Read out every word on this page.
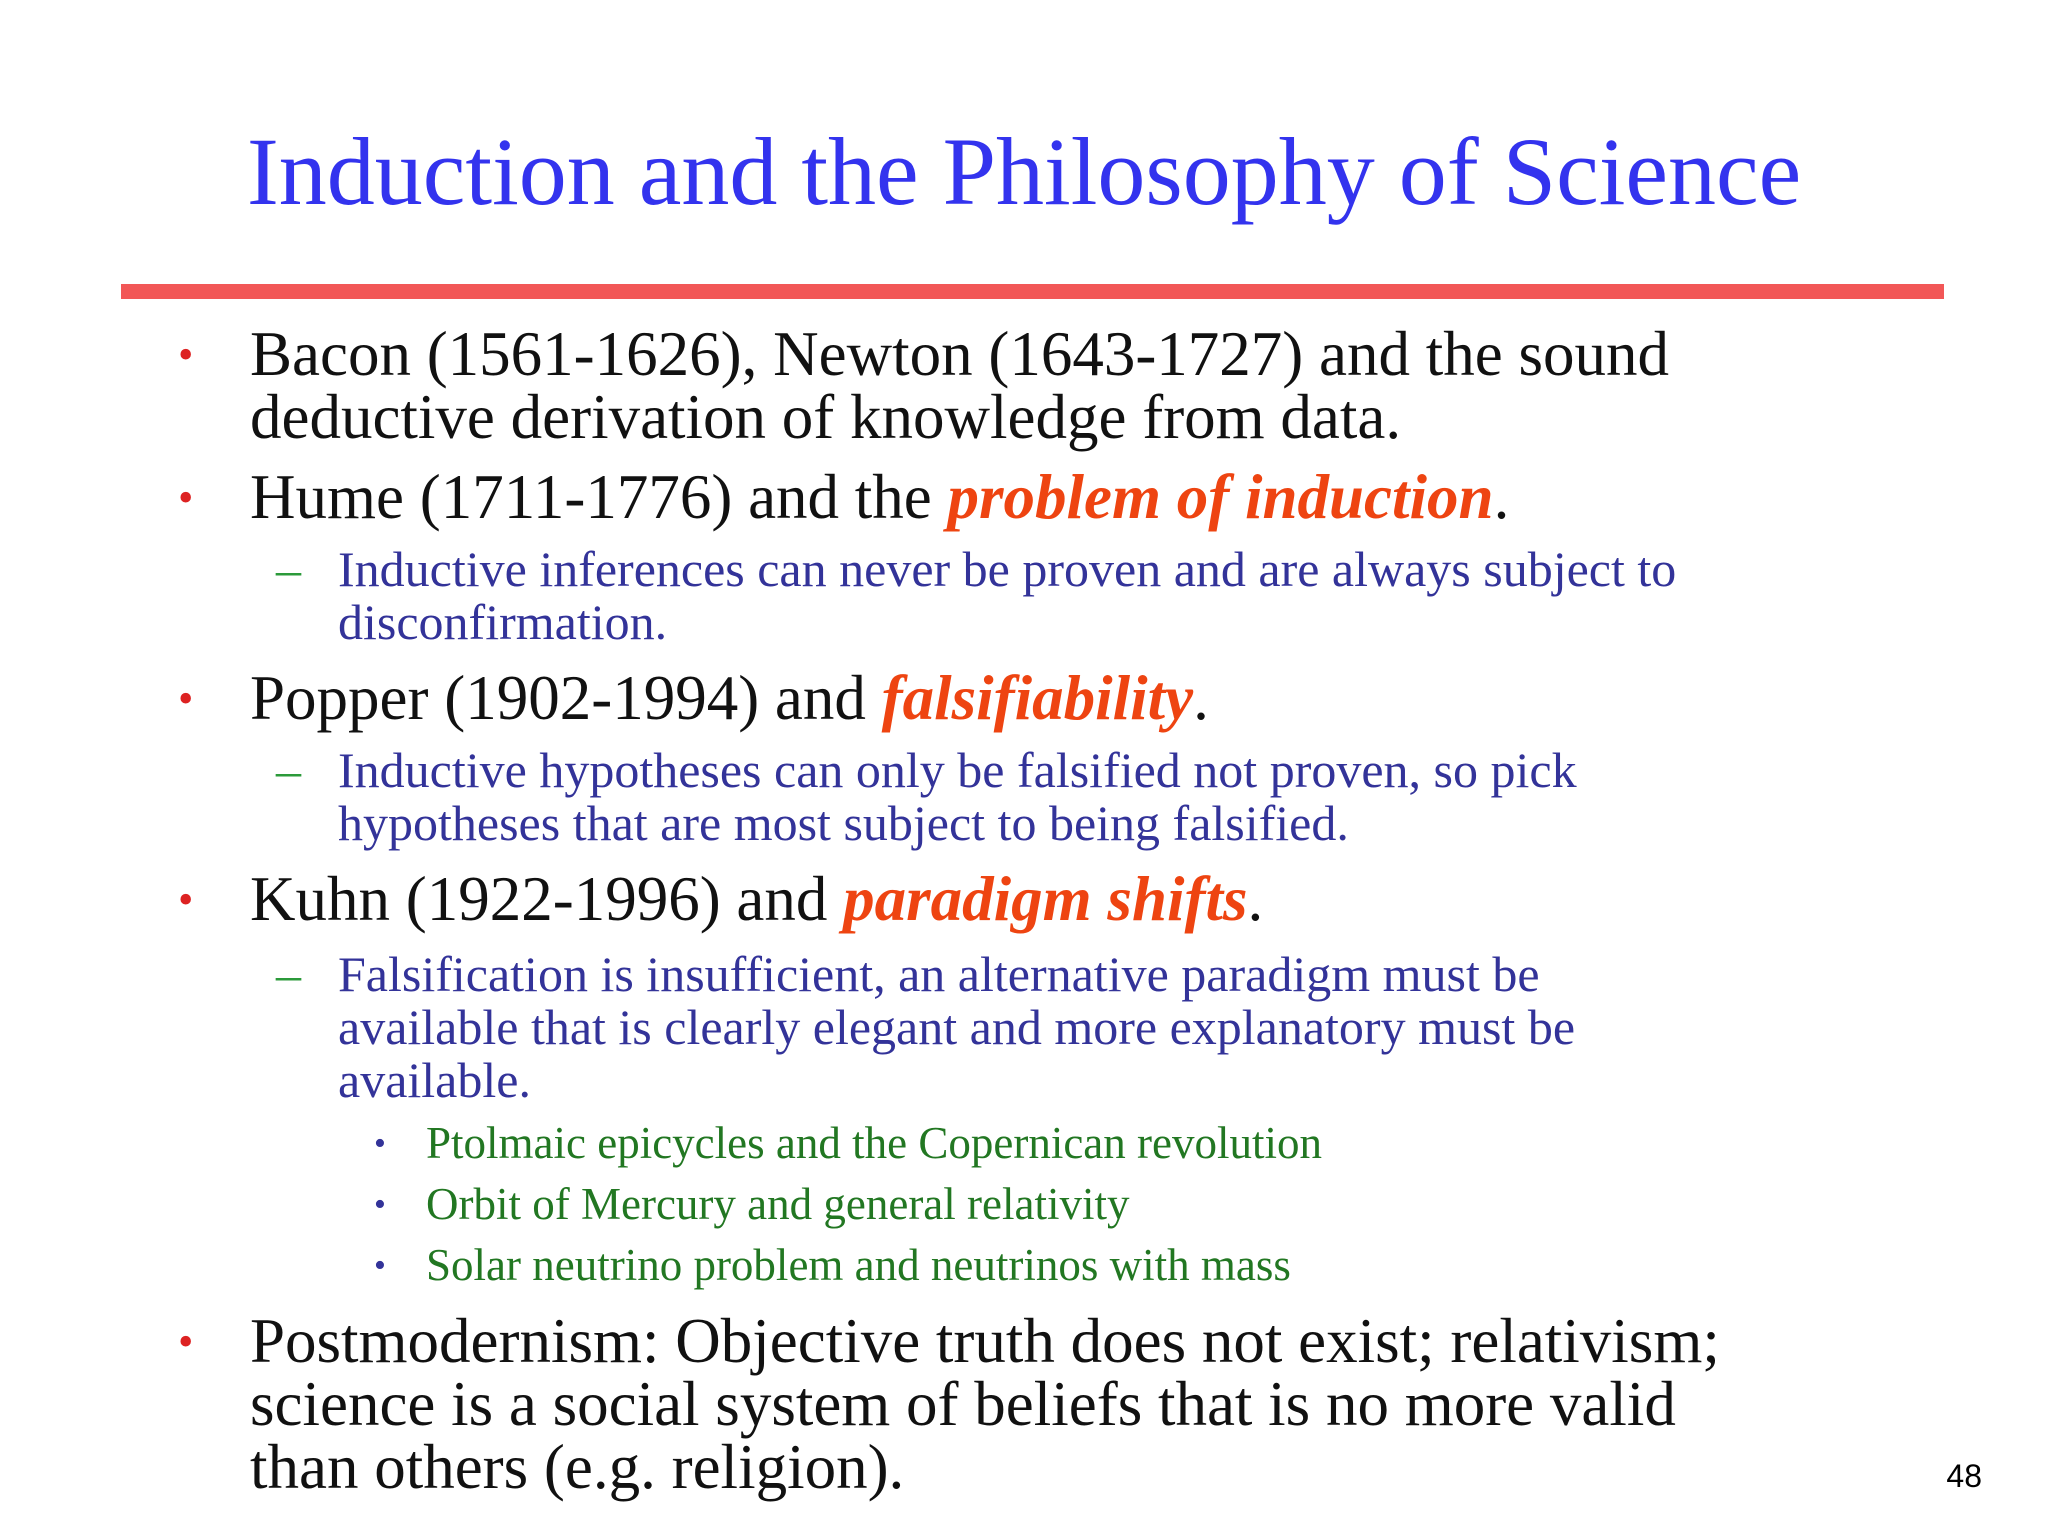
Induction and the Philosophy of Science
• Bacon (1561-1626), Newton (1643-1727) and the sound
deductive derivation of knowledge from data.
• Hume (1711-1776) and the problem of induction.
– Inductive inferences can never be proven and are always subject to
disconfirmation.
• Popper (1902-1994) and falsifiability.
– Inductive hypotheses can only be falsified not proven, so pick
hypotheses that are most subject to being falsified.
• Kuhn (1922-1996) and paradigm shifts.
– Falsification is insufficient, an alternative paradigm must be
available that is clearly elegant and more explanatory must be
available.
• Ptolmaic epicycles and the Copernican revolution
• Orbit of Mercury and general relativity
• Solar neutrino problem and neutrinos with mass
• Postmodernism: Objective truth does not exist; relativism;
science is a social system of beliefs that is no more valid
than others (e.g. religion).	48
